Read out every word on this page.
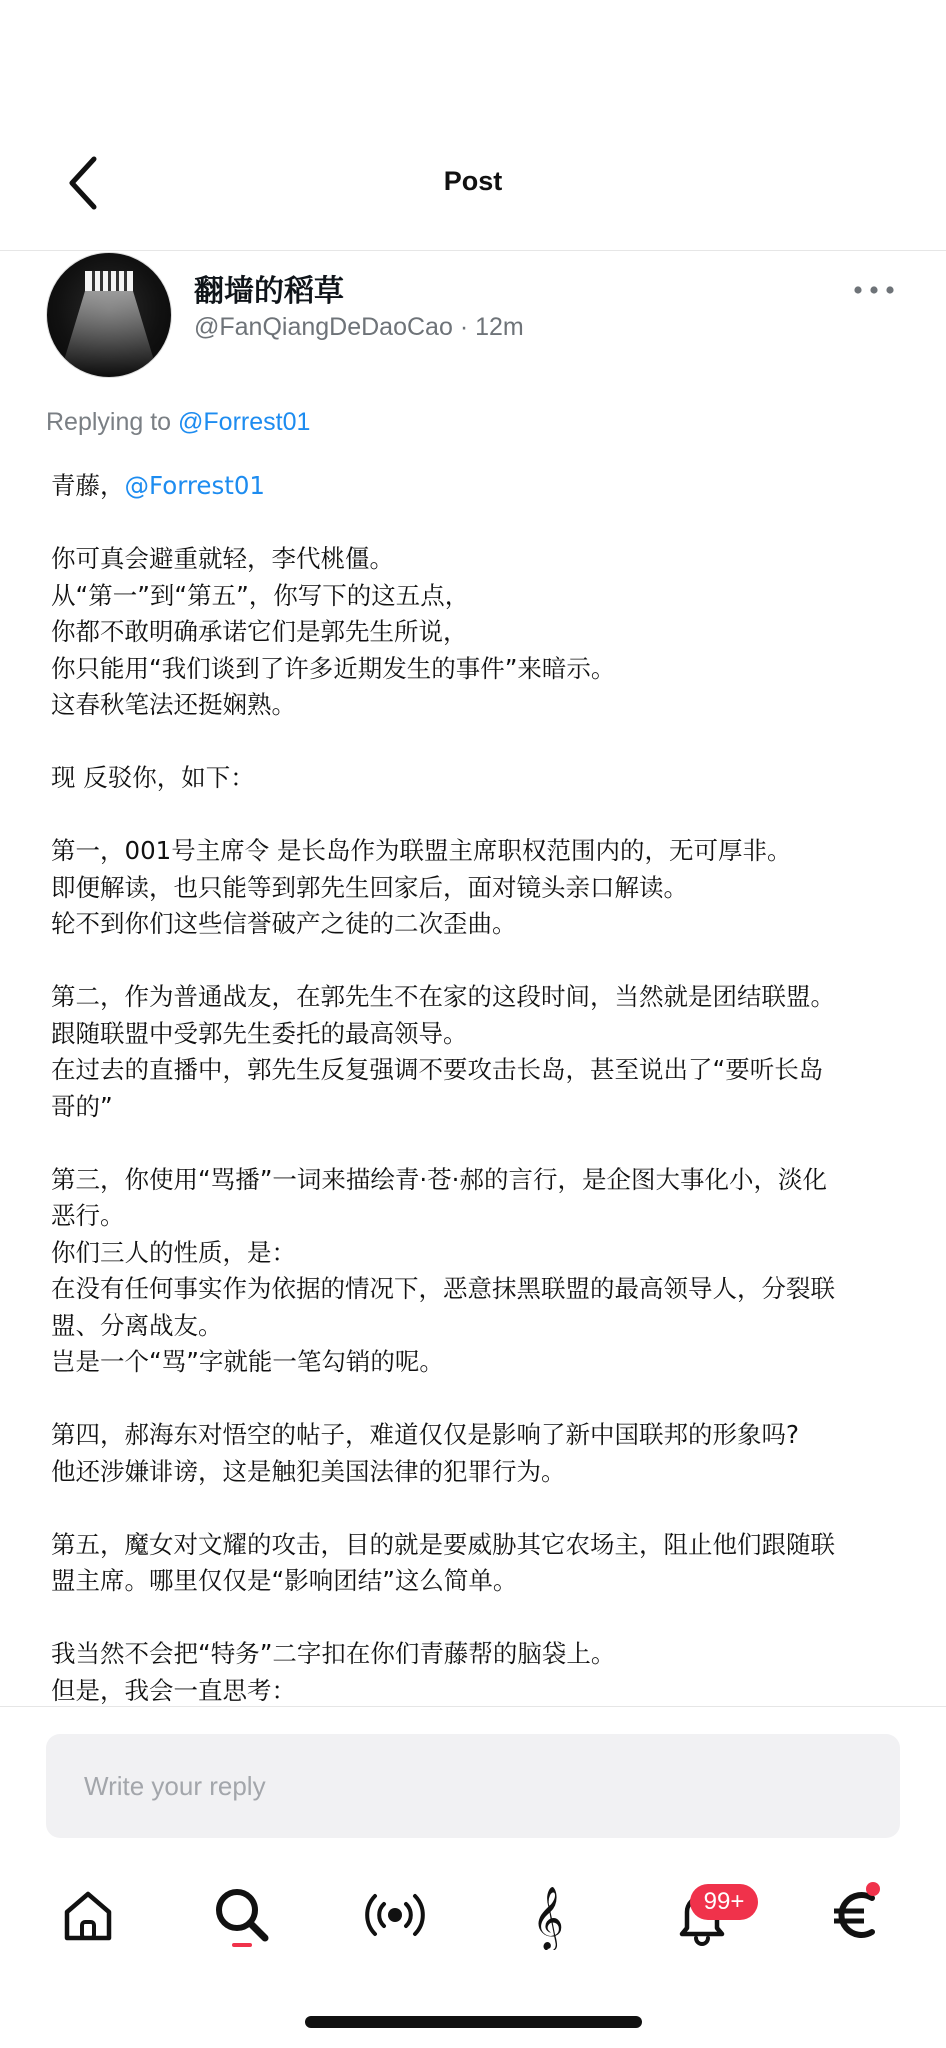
Post
翻墙的稻草
@FanQiangDeDaoCao · 12m
Replying to @Forrest01

青藤，@Forrest01

你可真会避重就轻，李代桃僵。
从“第一”到“第五”，你写下的这五点，
你都不敢明确承诺它们是郭先生所说，
你只能用“我们谈到了许多近期发生的事件”来暗示。
这春秋笔法还挺娴熟。

现 反驳你，如下：

第一，001号主席令 是长岛作为联盟主席职权范围内的，无可厚非。
即便解读，也只能等到郭先生回家后，面对镜头亲口解读。
轮不到你们这些信誉破产之徒的二次歪曲。

第二，作为普通战友，在郭先生不在家的这段时间，当然就是团结联盟。
跟随联盟中受郭先生委托的最高领导。
在过去的直播中，郭先生反复强调不要攻击长岛，甚至说出了“要听长岛
哥的”

第三，你使用“骂播”一词来描绘青·苍·郝的言行，是企图大事化小，淡化
恶行。
你们三人的性质，是：
在没有任何事实作为依据的情况下，恶意抹黑联盟的最高领导人，分裂联
盟、分离战友。
岂是一个“骂”字就能一笔勾销的呢。

第四，郝海东对悟空的帖子，难道仅仅是影响了新中国联邦的形象吗?
他还涉嫌诽谤，这是触犯美国法律的犯罪行为。

第五，魔女对文耀的攻击，目的就是要威胁其它农场主，阻止他们跟随联
盟主席。哪里仅仅是“影响团结”这么简单。

我当然不会把“特务”二字扣在你们青藤帮的脑袋上。
但是，我会一直思考：

Write your reply
𝄞	99+
